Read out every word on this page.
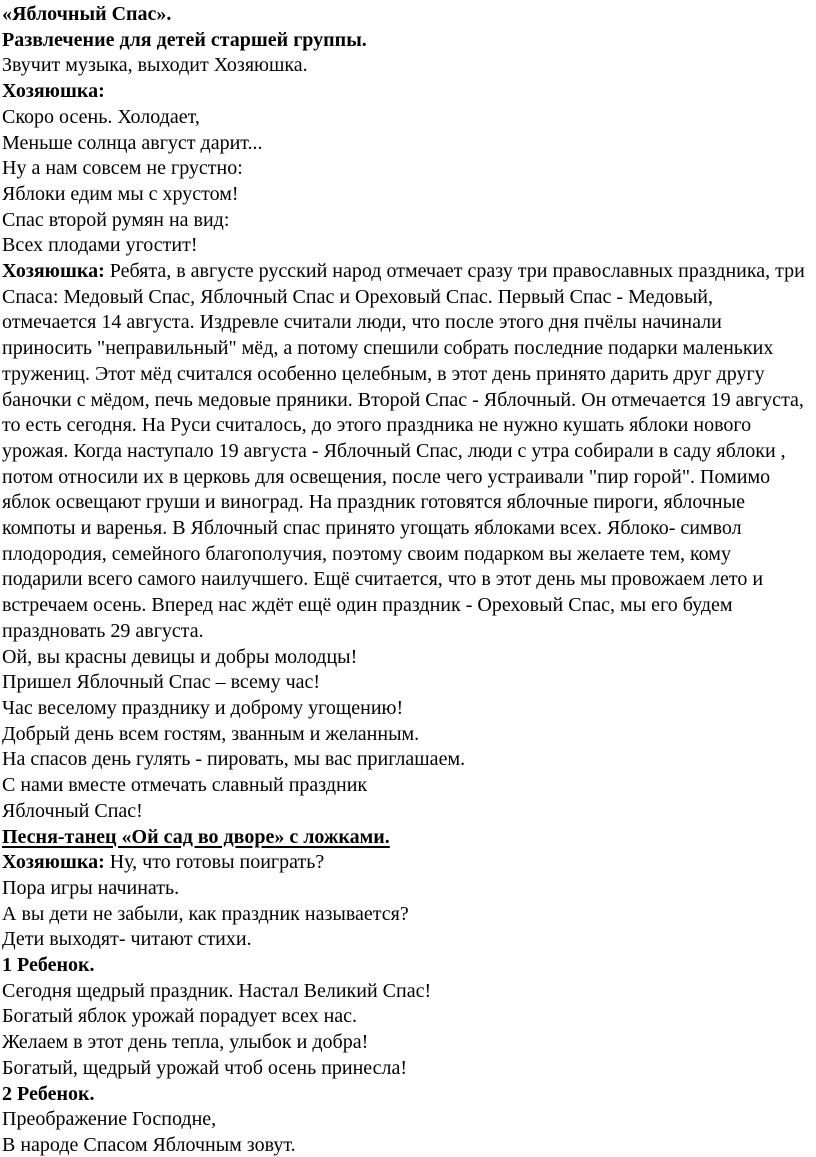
«Яблочный Спас».
Развлечение для детей старшей группы.
Звучит музыка, выходит Хозяюшка.
Хозяюшка:
Скоро осень. Холодает,
Меньше солнца август дарит...
Ну а нам совсем не грустно:
Яблоки едим мы с хрустом!
Спас второй румян на вид:
Всех плодами угостит!
Хозяюшка: Ребята, в августе русский народ отмечает сразу три православных праздника, три Спаса: Медовый Спас, Яблочный Спас и Ореховый Спас. Первый Спас - Медовый, отмечается 14 августа. Издревле считали люди, что после этого дня пчёлы начинали приносить "неправильный" мёд, а потому спешили собрать последние подарки маленьких тружениц. Этот мёд считался особенно целебным, в этот день принято дарить друг другу баночки с мёдом, печь медовые пряники. Второй Спас - Яблочный. Он отмечается 19 августа, то есть сегодня. На Руси считалось, до этого праздника не нужно кушать яблоки нового урожая. Когда наступало 19 августа - Яблочный Спас, люди с утра собирали в саду яблоки , потом относили их в церковь для освещения, после чего устраивали "пир горой". Помимо яблок освещают груши и виноград. На праздник готовятся яблочные пироги, яблочные компоты и варенья. В Яблочный спас принято угощать яблоками всех. Яблоко- символ плодородия, семейного благополучия, поэтому своим подарком вы желаете тем, кому подарили всего самого наилучшего. Ещё считается, что в этот день мы провожаем лето и встречаем осень. Вперед нас ждёт ещё один праздник - Ореховый Спас, мы его будем праздновать 29 августа.
Ой, вы красны девицы и добры молодцы!
Пришел Яблочный Спас – всему час!
Час веселому празднику и доброму угощению!
Добрый день всем гостям, званным и желанным.
На спасов день гулять - пировать, мы вас приглашаем.
С нами вместе отмечать славный праздник
Яблочный Спас!
Песня-танец «Ой сад во дворе» с ложками.
Хозяюшка: Ну, что готовы поиграть?
Пора игры начинать.
А вы дети не забыли, как праздник называется?
Дети выходят- читают стихи.
1 Ребенок.
Сегодня щедрый праздник. Настал Великий Спас!
Богатый яблок урожай порадует всех нас.
Желаем в этот день тепла, улыбок и добра!
Богатый, щедрый урожай чтоб осень принесла!
2 Ребенок.
Преображение Господне,
В народе Спасом Яблочным зовут.
